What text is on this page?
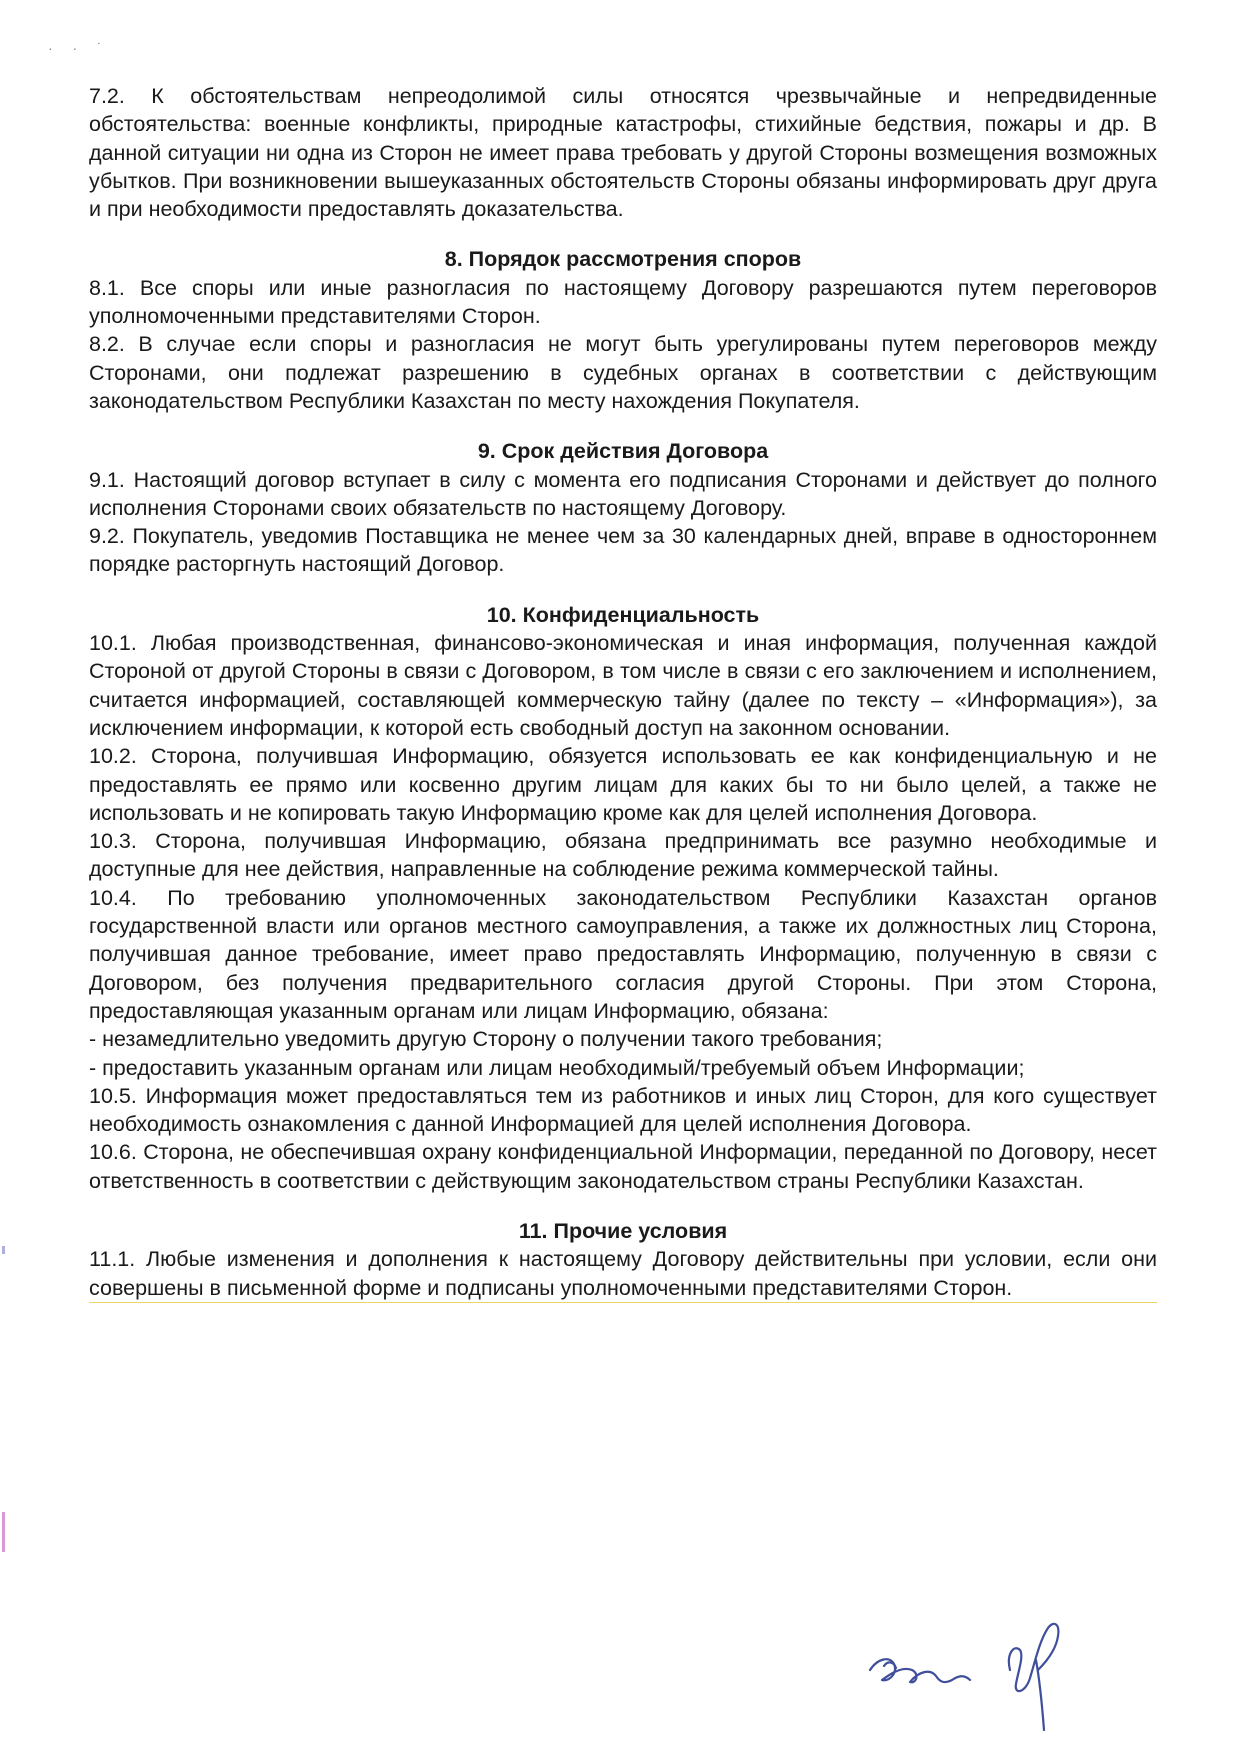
· · ˙

7.2. К обстоятельствам непреодолимой силы относятся чрезвычайные и непредвиденные обстоятельства: военные конфликты, природные катастрофы, стихийные бедствия, пожары и др. В данной ситуации ни одна из Сторон не имеет права требовать у другой Стороны возмещения возможных убытков. При возникновении вышеуказанных обстоятельств Стороны обязаны информировать друг друга и при необходимости предоставлять доказательства.

8. Порядок рассмотрения споров

8.1. Все споры или иные разногласия по настоящему Договору разрешаются путем переговоров уполномоченными представителями Сторон.

8.2. В случае если споры и разногласия не могут быть урегулированы путем переговоров между Сторонами, они подлежат разрешению в судебных органах в соответствии с действующим законодательством Республики Казахстан по месту нахождения Покупателя.

9. Срок действия Договора

9.1. Настоящий договор вступает в силу с момента его подписания Сторонами и действует до полного исполнения Сторонами своих обязательств по настоящему Договору.

9.2. Покупатель, уведомив Поставщика не менее чем за 30 календарных дней, вправе в одностороннем порядке расторгнуть настоящий Договор.

10. Конфиденциальность

10.1. Любая производственная, финансово-экономическая и иная информация, полученная каждой Стороной от другой Стороны в связи с Договором, в том числе в связи с его заключением и исполнением, считается информацией, составляющей коммерческую тайну (далее по тексту – «Информация»), за исключением информации, к которой есть свободный доступ на законном основании.

10.2. Сторона, получившая Информацию, обязуется использовать ее как конфиденциальную и не предоставлять ее прямо или косвенно другим лицам для каких бы то ни было целей, а также не использовать и не копировать такую Информацию кроме как для целей исполнения Договора.

10.3. Сторона, получившая Информацию, обязана предпринимать все разумно необходимые и доступные для нее действия, направленные на соблюдение режима коммерческой тайны.

10.4. По требованию уполномоченных законодательством Республики Казахстан органов государственной власти или органов местного самоуправления, а также их должностных лиц Сторона, получившая данное требование, имеет право предоставлять Информацию, полученную в связи с Договором, без получения предварительного согласия другой Стороны. При этом Сторона, предоставляющая указанным органам или лицам Информацию, обязана:

- незамедлительно уведомить другую Сторону о получении такого требования;

- предоставить указанным органам или лицам необходимый/требуемый объем Информации;

10.5. Информация может предоставляться тем из работников и иных лиц Сторон, для кого существует необходимость ознакомления с данной Информацией для целей исполнения Договора.

10.6. Сторона, не обеспечившая охрану конфиденциальной Информации, переданной по Договору, несет ответственность в соответствии с действующим законодательством страны Республики Казахстан.

11. Прочие условия

11.1. Любые изменения и дополнения к настоящему Договору действительны при условии, если они совершены в письменной форме и подписаны уполномоченными представителями Сторон.
